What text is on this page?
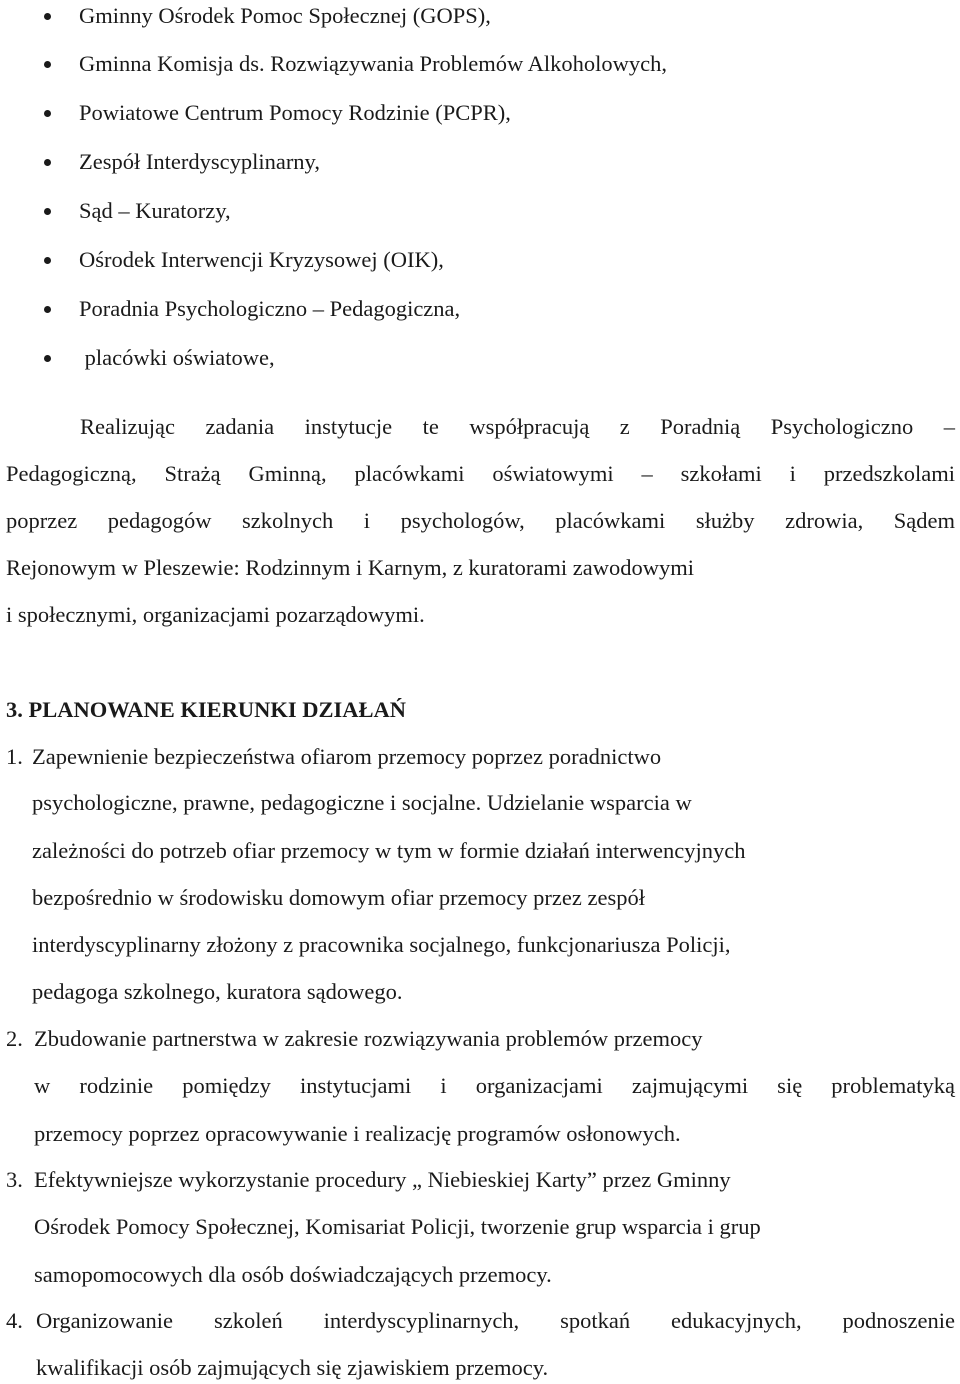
Gminny Ośrodek Pomoc Społecznej (GOPS),
Gminna Komisja ds. Rozwiązywania Problemów Alkoholowych,
Powiatowe Centrum Pomocy Rodzinie (PCPR),
Zespół Interdyscyplinarny,
Sąd – Kuratorzy,
Ośrodek Interwencji Kryzysowej (OIK),
Poradnia Psychologiczno – Pedagogiczna,
placówki oświatowe,
Realizując zadania instytucje te współpracują z Poradnią Psychologiczno –
Pedagogiczną, Strażą Gminną, placówkami oświatowymi – szkołami i przedszkolami
poprzez pedagogów szkolnych i psychologów, placówkami służby zdrowia, Sądem
Rejonowym w Pleszewie: Rodzinnym i Karnym, z kuratorami zawodowymi
i społecznymi, organizacjami pozarządowymi.
3. PLANOWANE KIERUNKI DZIAŁAŃ
1. Zapewnienie bezpieczeństwa ofiarom przemocy poprzez poradnictwo
psychologiczne, prawne, pedagogiczne i socjalne. Udzielanie wsparcia w
zależności do potrzeb ofiar przemocy w tym w formie działań interwencyjnych
bezpośrednio w środowisku domowym ofiar przemocy przez zespół
interdyscyplinarny złożony z pracownika socjalnego, funkcjonariusza Policji,
pedagoga szkolnego, kuratora sądowego.
2. Zbudowanie partnerstwa w zakresie rozwiązywania problemów przemocy
w rodzinie pomiędzy instytucjami i organizacjami zajmującymi się problematyką
przemocy poprzez opracowywanie i realizację programów osłonowych.
3. Efektywniejsze wykorzystanie procedury „ Niebieskiej Karty” przez Gminny
Ośrodek Pomocy Społecznej, Komisariat Policji, tworzenie grup wsparcia i grup
samopomocowych dla osób doświadczających przemocy.
4. Organizowanie szkoleń interdyscyplinarnych, spotkań edukacyjnych, podnoszenie
kwalifikacji osób zajmujących się zjawiskiem przemocy.
